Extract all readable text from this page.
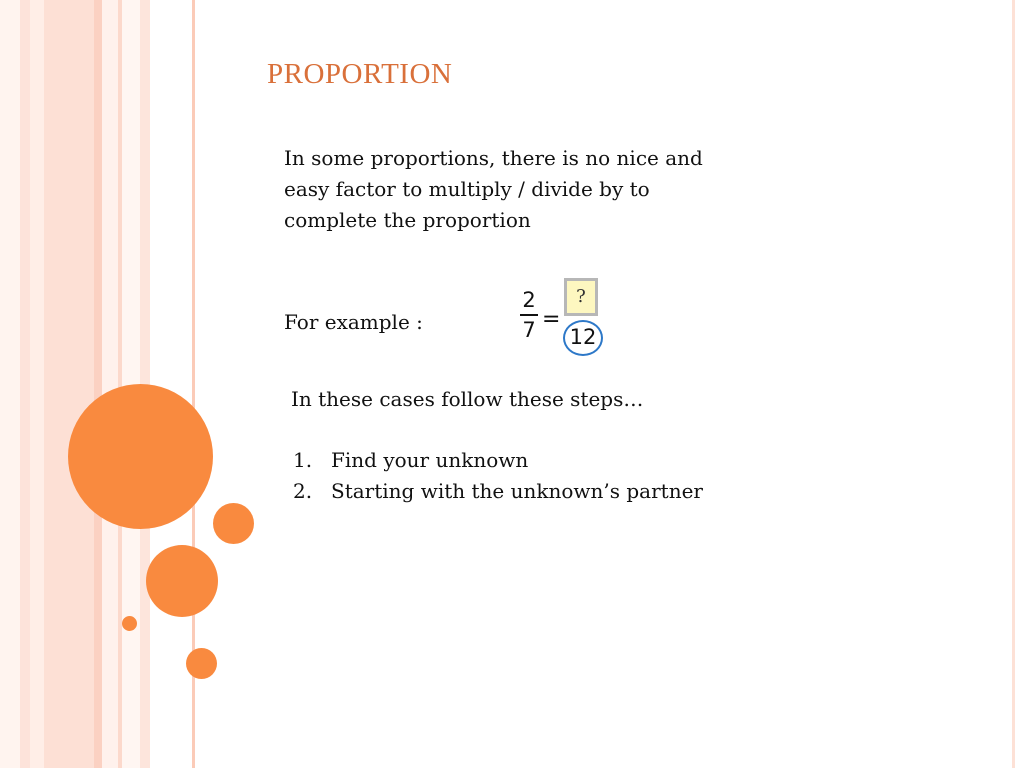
PROPORTION
In some proportions, there is no nice and
easy factor to multiply / divide by to
complete the proportion
For example :
2
7 =
?
12
In these cases follow these steps…
1. Find your unknown
2. Starting with the unknown’s partner
